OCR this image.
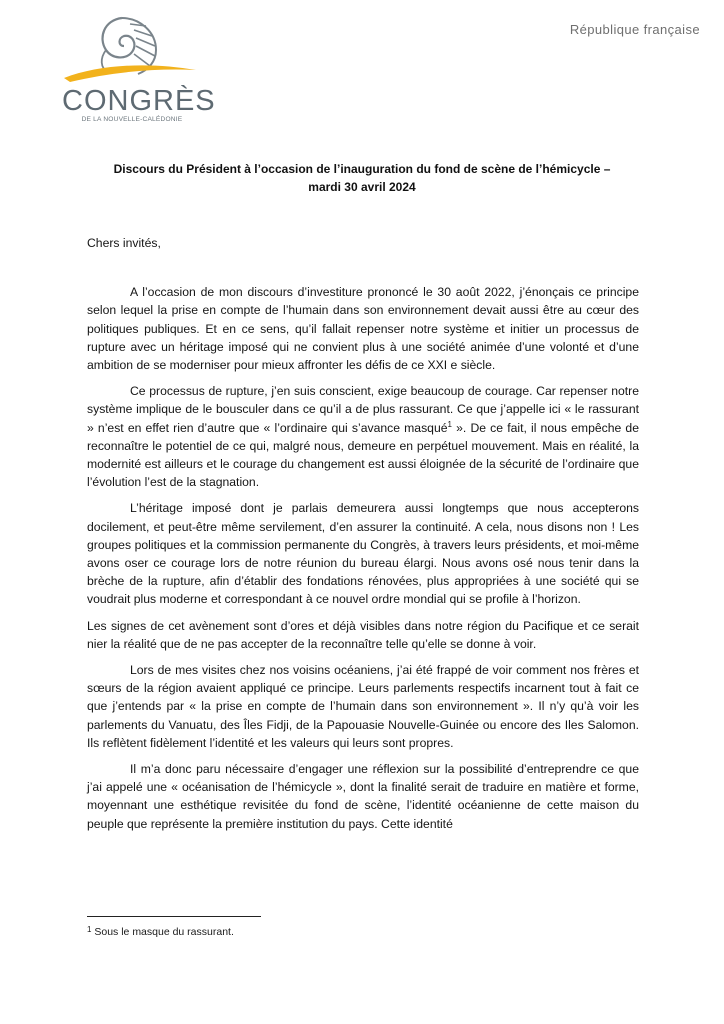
CONGRÈS
DE LA NOUVELLE-CALÉDONIE
République française
Discours du Président à l’occasion de l’inauguration du fond de scène de l’hémicycle –
mardi 30 avril 2024

Chers invités,

A l’occasion de mon discours d’investiture prononcé le 30 août 2022, j’énonçais ce principe selon lequel la prise en compte de l’humain dans son environnement devait aussi être au cœur des politiques publiques. Et en ce sens, qu’il fallait repenser notre système et initier un processus de rupture avec un héritage imposé qui ne convient plus à une société animée d’une volonté et d’une ambition de se moderniser pour mieux affronter les défis de ce XXI e siècle.

Ce processus de rupture, j’en suis conscient, exige beaucoup de courage. Car repenser notre système implique de le bousculer dans ce qu’il a de plus rassurant. Ce que j’appelle ici « le rassurant » n’est en effet rien d’autre que « l’ordinaire qui s’avance masqué$^1$ ». De ce fait, il nous empêche de reconnaître le potentiel de ce qui, malgré nous, demeure en perpétuel mouvement. Mais en réalité, la modernité est ailleurs et le courage du changement est aussi éloignée de la sécurité de l’ordinaire que l’évolution l’est de la stagnation.

L’héritage imposé dont je parlais demeurera aussi longtemps que nous accepterons docilement, et peut-être même servilement, d’en assurer la continuité. A cela, nous disons non ! Les groupes politiques et la commission permanente du Congrès, à travers leurs présidents, et moi-même avons oser ce courage lors de notre réunion du bureau élargi. Nous avons osé nous tenir dans la brèche de la rupture, afin d’établir des fondations rénovées, plus appropriées à une société qui se voudrait plus moderne et correspondant à ce nouvel ordre mondial qui se profile à l’horizon.

Les signes de cet avènement sont d’ores et déjà visibles dans notre région du Pacifique et ce serait nier la réalité que de ne pas accepter de la reconnaître telle qu’elle se donne à voir.

Lors de mes visites chez nos voisins océaniens, j’ai été frappé de voir comment nos frères et sœurs de la région avaient appliqué ce principe. Leurs parlements respectifs incarnent tout à fait ce que j’entends par « la prise en compte de l’humain dans son environnement ». Il n’y qu’à voir les parlements du Vanuatu, des Îles Fidji, de la Papouasie Nouvelle-Guinée ou encore des Iles Salomon. Ils reflètent fidèlement l’identité et les valeurs qui leurs sont propres.

Il m’a donc paru nécessaire d’engager une réflexion sur la possibilité d’entreprendre ce que j’ai appelé une « océanisation de l’hémicycle », dont la finalité serait de traduire en matière et forme, moyennant une esthétique revisitée du fond de scène, l’identité océanienne de cette maison du peuple que représente la première institution du pays. Cette identité

$^1$ Sous le masque du rassurant.
